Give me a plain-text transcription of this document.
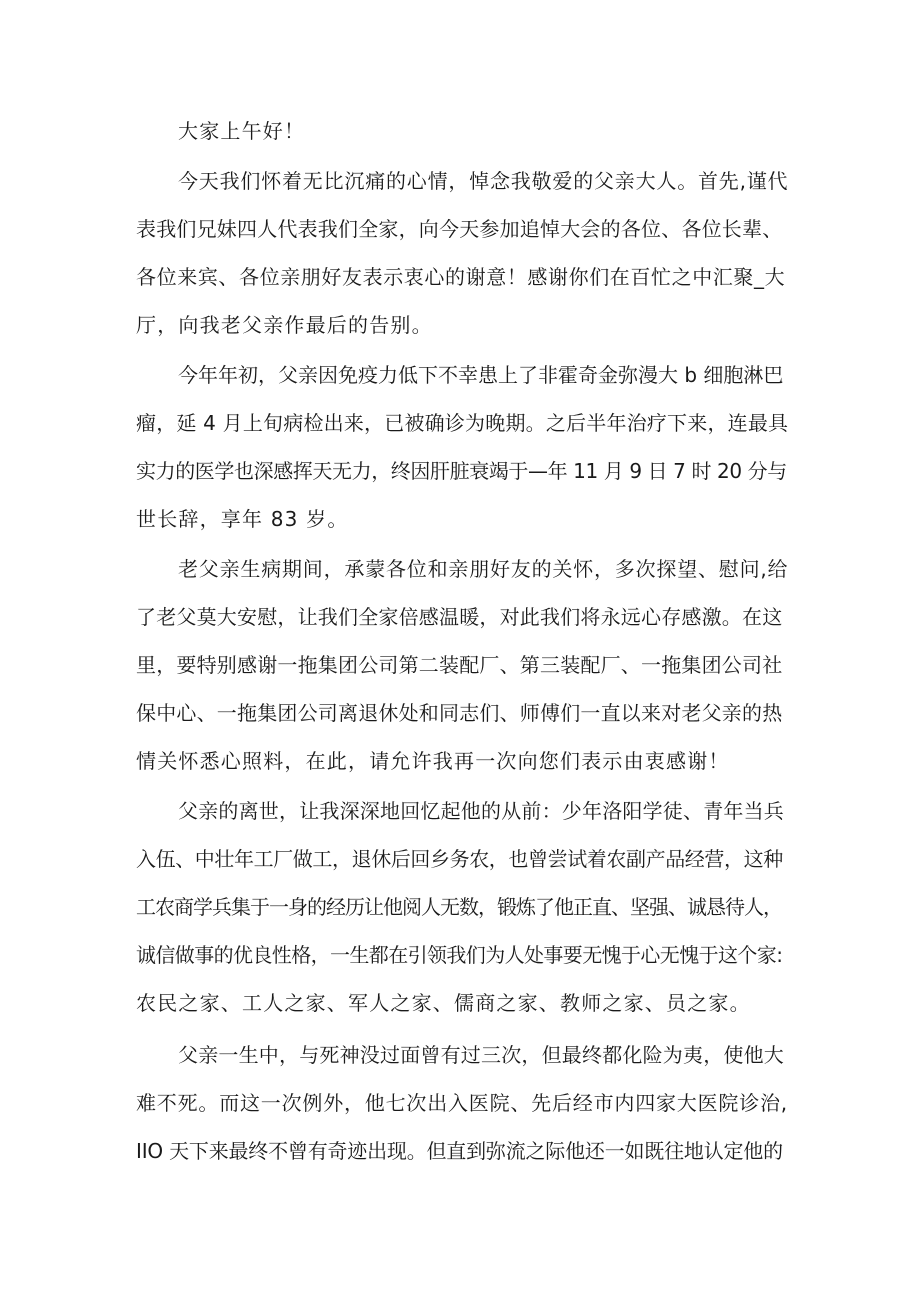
大家上午好！
今天我们怀着无比沉痛的心情，悼念我敬爱的父亲大人。首先,谨代
表我们兄妹四人代表我们全家，向今天参加追悼大会的各位、各位长辈、
各位来宾、各位亲朋好友表示衷心的谢意！感谢你们在百忙之中汇聚_大
厅，向我老父亲作最后的告别。
今年年初，父亲因免疫力低下不幸患上了非霍奇金弥漫大 b 细胞淋巴
瘤，延 4 月上旬病检出来，已被确诊为晚期。之后半年治疗下来，连最具
实力的医学也深感挥天无力，终因肝脏衰竭于—年 11 月 9 日 7 时 20 分与
世长辞，享年 83 岁。
老父亲生病期间，承蒙各位和亲朋好友的关怀，多次探望、慰问,给
了老父莫大安慰，让我们全家倍感温暖，对此我们将永远心存感激。在这
里，要特别感谢一拖集团公司第二装配厂、第三装配厂、一拖集团公司社
保中心、一拖集团公司离退休处和同志们、师傅们一直以来对老父亲的热
情关怀悉心照料，在此，请允许我再一次向您们表示由衷感谢！
父亲的离世，让我深深地回忆起他的从前：少年洛阳学徒、青年当兵
入伍、中壮年工厂做工，退休后回乡务农，也曾尝试着农副产品经营，这种
工农商学兵集于一身的经历让他阅人无数，锻炼了他正直、坚强、诚恳待人，
诚信做事的优良性格，一生都在引领我们为人处事要无愧于心无愧于这个家:
农民之家、工人之家、军人之家、儒商之家、教师之家、员之家。
父亲一生中，与死神没过面曾有过三次，但最终都化险为夷，使他大
难不死。而这一次例外，他七次出入医院、先后经市内四家大医院诊治,
IIO 天下来最终不曾有奇迹出现。但直到弥流之际他还一如既往地认定他的
